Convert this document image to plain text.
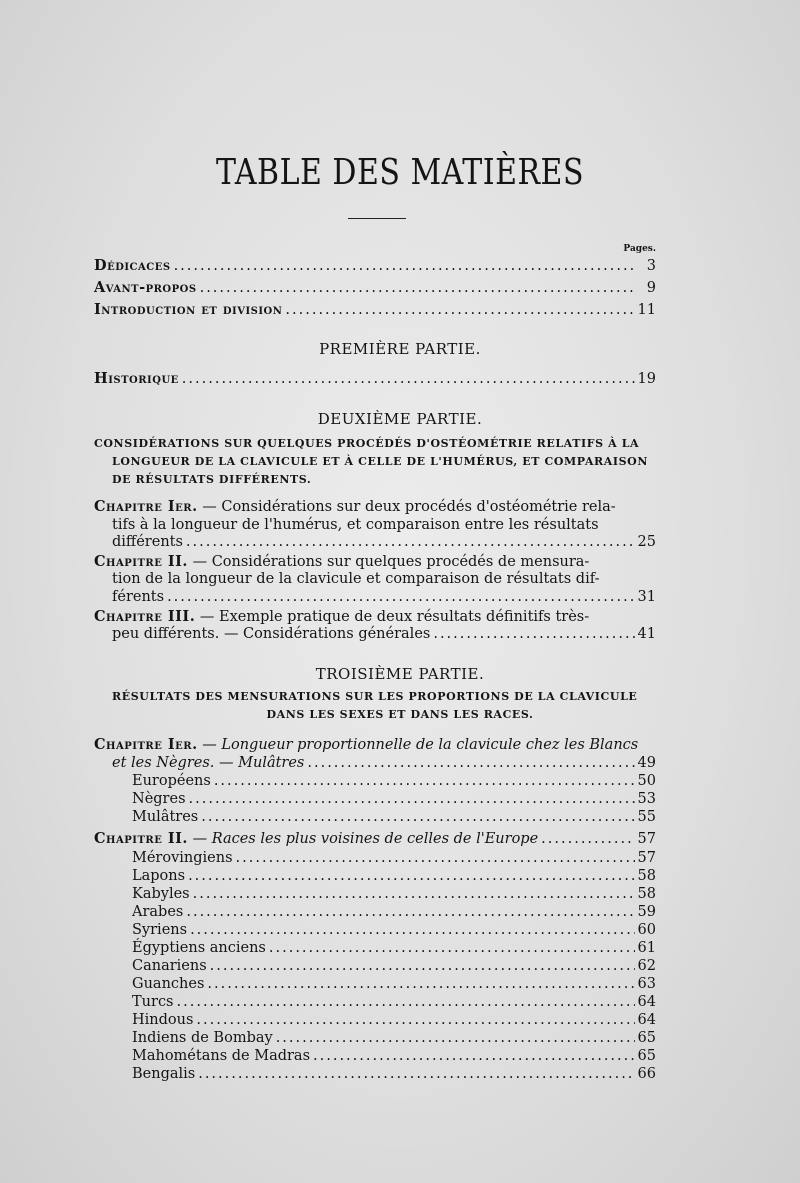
TABLE DES MATIÈRES
Pages.
Dédicaces .....	3
Avant-propos .....	9
Introduction et division .....	11
PREMIÈRE PARTIE.
Historique .....	19
DEUXIÈME PARTIE.
CONSIDÉRATIONS SUR QUELQUES PROCÉDÉS D'OSTÉOMÉTRIE RELATIFS À LA
LONGUEUR DE LA CLAVICULE ET À CELLE DE L'HUMÉRUS, ET COMPARAISON
DE RÉSULTATS DIFFÉRENTS.
Chapitre Ier. — Considérations sur deux procédés d'ostéométrie rela-
tifs à la longueur de l'humérus, et comparaison entre les résultats
différents .....	25
Chapitre II. — Considérations sur quelques procédés de mensura-
tion de la longueur de la clavicule et comparaison de résultats dif-
férents .....	31
Chapitre III. — Exemple pratique de deux résultats définitifs très-
peu différents. — Considérations générales .....	41
TROISIÈME PARTIE.
RÉSULTATS DES MENSURATIONS SUR LES PROPORTIONS DE LA CLAVICULE
DANS LES SEXES ET DANS LES RACES.
Chapitre Ier. — Longueur proportionnelle de la clavicule chez les Blancs
et les Nègres. — Mulâtres .....	49
Européens .....	50
Nègres .....	53
Mulâtres .....	55
Chapitre II. — Races les plus voisines de celles de l'Europe .....	57
Mérovingiens .....	57
Lapons .....	58
Kabyles .....	58
Arabes .....	59
Syriens .....	60
Égyptiens anciens .....	61
Canariens .....	62
Guanches .....	63
Turcs .....	64
Hindous .....	64
Indiens de Bombay .....	65
Mahométans de Madras .....	65
Bengalis .....	66
